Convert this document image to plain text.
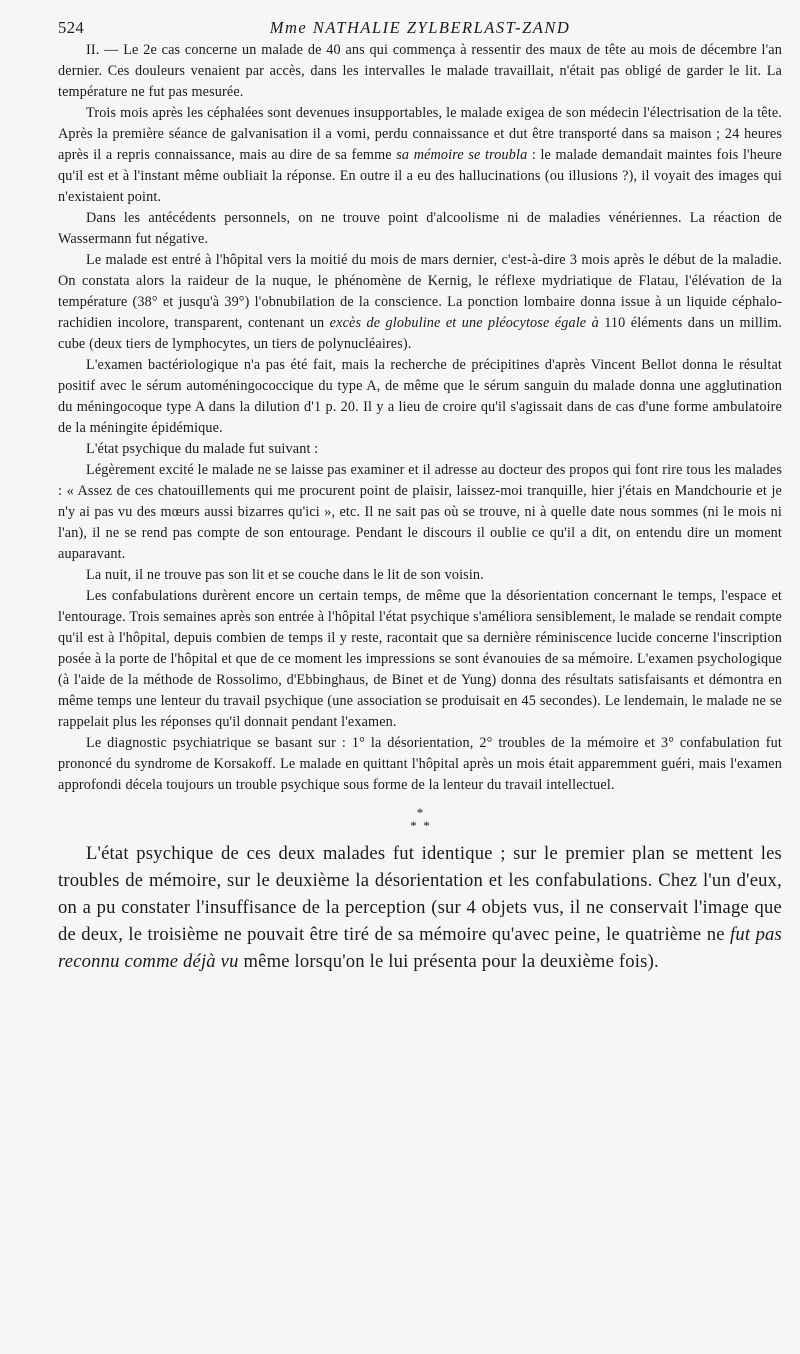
524	Mme NATHALIE ZYLBERLAST-ZAND

II. — Le 2e cas concerne un malade de 40 ans qui commença à ressentir des maux de tête au mois de décembre l'an dernier. Ces douleurs venaient par accès, dans les intervalles le malade travaillait, n'était pas obligé de garder le lit. La température ne fut pas mesurée.

Trois mois après les céphalées sont devenues insupportables, le malade exigea de son médecin l'électrisation de la tête. Après la première séance de galvanisation il a vomi, perdu connaissance et dut être transporté dans sa maison ; 24 heures après il a repris connaissance, mais au dire de sa femme sa mémoire se troubla : le malade demandait maintes fois l'heure qu'il est et à l'instant même oubliait la réponse. En outre il a eu des hallucinations (ou illusions ?), il voyait des images qui n'existaient point.

Dans les antécédents personnels, on ne trouve point d'alcoolisme ni de maladies vénériennes. La réaction de Wassermann fut négative.

Le malade est entré à l'hôpital vers la moitié du mois de mars dernier, c'est-à-dire 3 mois après le début de la maladie. On constata alors la raideur de la nuque, le phénomène de Kernig, le réflexe mydriatique de Flatau, l'élévation de la température (38° et jusqu'à 39°) l'obnubilation de la conscience. La ponction lombaire donna issue à un liquide céphalo-rachidien incolore, transparent, contenant un excès de globuline et une pléocytose égale à 110 éléments dans un millim. cube (deux tiers de lymphocytes, un tiers de polynucléaires).

L'examen bactériologique n'a pas été fait, mais la recherche de précipitines d'après Vincent Bellot donna le résultat positif avec le sérum automéningococcique du type A, de même que le sérum sanguin du malade donna une agglutination du méningocoque type A dans la dilution d'1 p. 20. Il y a lieu de croire qu'il s'agissait dans de cas d'une forme ambulatoire de la méningite épidémique.

L'état psychique du malade fut suivant :

Légèrement excité le malade ne se laisse pas examiner et il adresse au docteur des propos qui font rire tous les malades : « Assez de ces chatouillements qui me procurent point de plaisir, laissez-moi tranquille, hier j'étais en Mandchourie et je n'y ai pas vu des mœurs aussi bizarres qu'ici », etc. Il ne sait pas où se trouve, ni à quelle date nous sommes (ni le mois ni l'an), il ne se rend pas compte de son entourage. Pendant le discours il oublie ce qu'il a dit, on entendu dire un moment auparavant.

La nuit, il ne trouve pas son lit et se couche dans le lit de son voisin.

Les confabulations durèrent encore un certain temps, de même que la désorientation concernant le temps, l'espace et l'entourage. Trois semaines après son entrée à l'hôpital l'état psychique s'améliora sensiblement, le malade se rendait compte qu'il est à l'hôpital, depuis combien de temps il y reste, racontait que sa dernière réminiscence lucide concerne l'inscription posée à la porte de l'hôpital et que de ce moment les impressions se sont évanouies de sa mémoire. L'examen psychologique (à l'aide de la méthode de Rossolimo, d'Ebbinghaus, de Binet et de Yung) donna des résultats satisfaisants et démontra en même temps une lenteur du travail psychique (une association se produisait en 45 secondes). Le lendemain, le malade ne se rappelait plus les réponses qu'il donnait pendant l'examen.

Le diagnostic psychiatrique se basant sur : 1° la désorientation, 2° troubles de la mémoire et 3° confabulation fut prononcé du syndrome de Korsakoff. Le malade en quittant l'hôpital après un mois était apparemment guéri, mais l'examen approfondi décela toujours un trouble psychique sous forme de la lenteur du travail intellectuel.

*
*  *

L'état psychique de ces deux malades fut identique ; sur le premier plan se mettent les troubles de mémoire, sur le deuxième la désorientation et les confabulations. Chez l'un d'eux, on a pu constater l'insuffisance de la perception (sur 4 objets vus, il ne conservait l'image que de deux, le troisième ne pouvait être tiré de sa mémoire qu'avec peine, le quatrième ne fut pas reconnu comme déjà vu même lorsqu'on le lui présenta pour la deuxième fois).
